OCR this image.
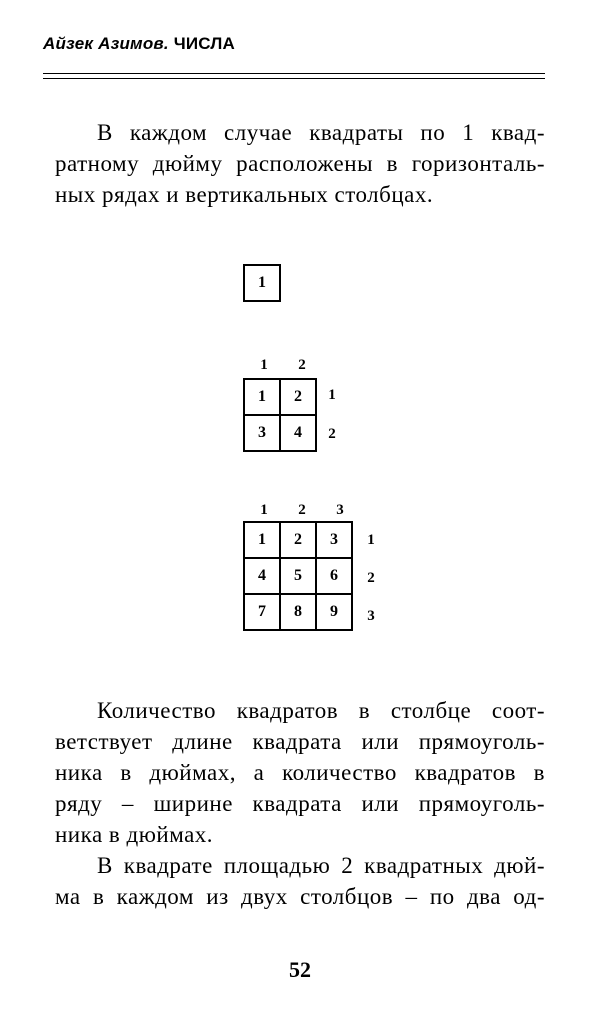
Айзек Азимов. ЧИСЛА
В каждом случае квадраты по 1 квад-
ратному дюйму расположены в горизонталь-
ных рядах и вертикальных столбцах.
1
1	2
1	2
3	4
1
2
1	2	3
1	2	3
4	5	6
7	8	9
1
2
3
Количество квадратов в столбце соот-
ветствует длине квадрата или прямоуголь-
ника в дюймах, а количество квадратов в
ряду – ширине квадрата или прямоуголь-
ника в дюймах.
В квадрате площадью 2 квадратных дюй-
ма в каждом из двух столбцов – по два од-
52
